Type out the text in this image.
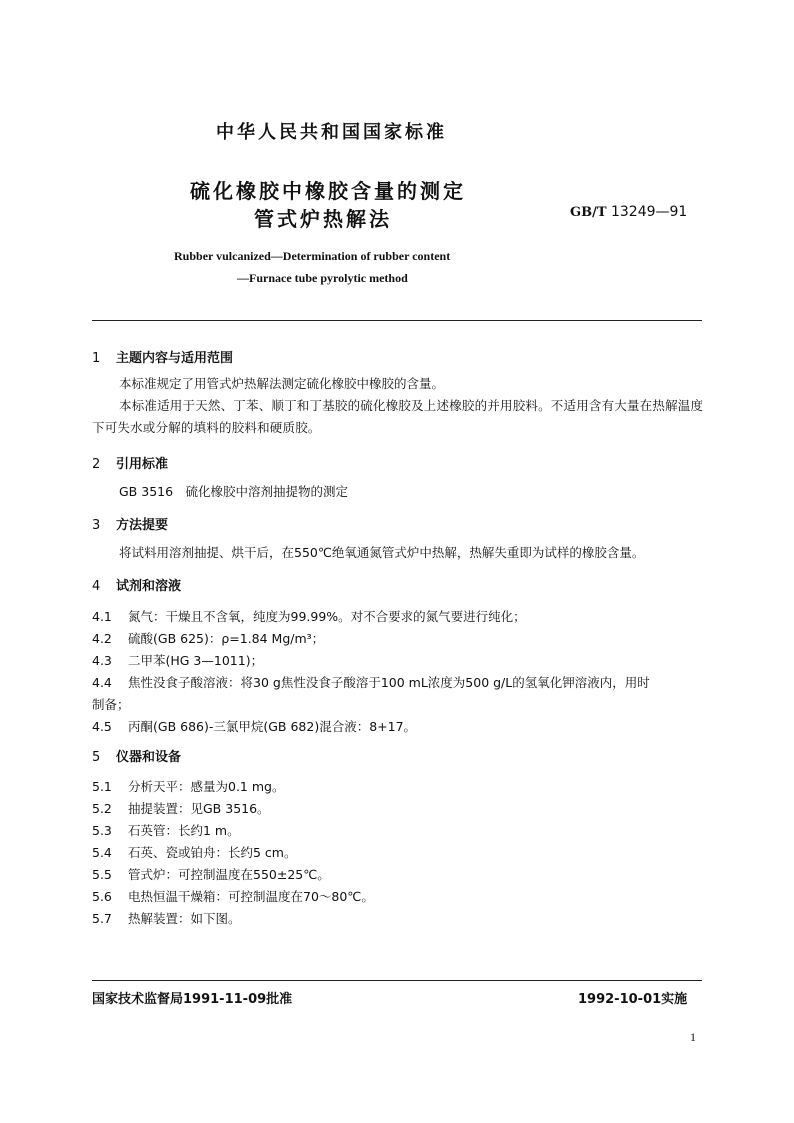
中华人民共和国国家标准
硫化橡胶中橡胶含量的测定
管式炉热解法	GB/T 13249—91
Rubber vulcanized—Determination of rubber content
—Furnace tube pyrolytic method
1 主题内容与适用范围
本标准规定了用管式炉热解法测定硫化橡胶中橡胶的含量。
本标准适用于天然、丁苯、顺丁和丁基胶的硫化橡胶及上述橡胶的并用胶料。不适用含有大量在热解温度下可失水或分解的填料的胶料和硬质胶。
2 引用标准
GB 3516　硫化橡胶中溶剂抽提物的测定
3 方法提要
将试料用溶剂抽提、烘干后，在550℃绝氧通氮管式炉中热解，热解失重即为试样的橡胶含量。
4 试剂和溶液
4.1 氮气：干燥且不含氧，纯度为99.99%。对不合要求的氮气要进行纯化；
4.2 硫酸(GB 625)：ρ=1.84 Mg/m³；
4.3 二甲苯(HG 3—1011)；
4.4 焦性没食子酸溶液：将30 g焦性没食子酸溶于100 mL浓度为500 g/L的氢氧化钾溶液内，用时
制备；
4.5 丙酮(GB 686)-三氯甲烷(GB 682)混合液：8+17。
5 仪器和设备
5.1 分析天平：感量为0.1 mg。
5.2 抽提装置：见GB 3516。
5.3 石英管：长约1 m。
5.4 石英、瓷或铂舟：长约5 cm。
5.5 管式炉：可控制温度在550±25℃。
5.6 电热恒温干燥箱：可控制温度在70～80℃。
5.7 热解装置：如下图。
国家技术监督局1991-11-09批准	1992-10-01实施
1
